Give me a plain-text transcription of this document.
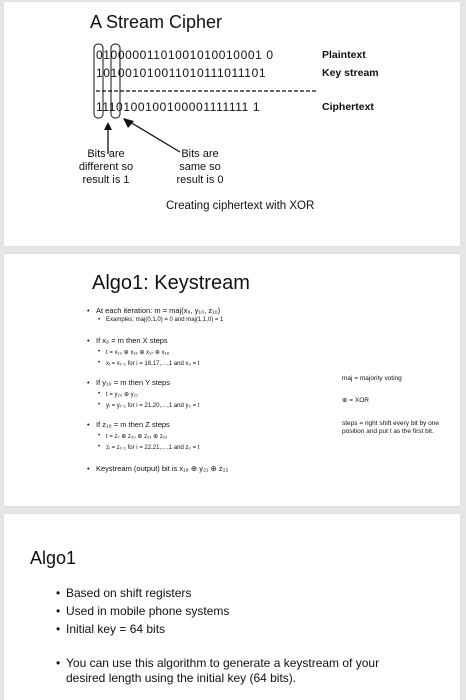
A Stream Cipher
01000001101001010010001 0	Plaintext
101001010011010111011101	Key stream
1110100100100001111111 1	Ciphertext
Bits are
different so
result is 1
Bits are
same so
result is 0
Creating ciphertext with XOR
Algo1: Keystream
• At each iteration: m = maj(x₈, y₁₀, z₁₀)
• Examples: maj(0,1,0) = 0 and maj(1,1,0) = 1
• If x₈ = m then X steps
• t = x₁₃ ⊕ x₁₆ ⊕ x₁₇ ⊕ x₁₈
• xᵢ = xᵢ₋₁ for i = 18,17,…,1 and x₀ = t
• If y₁₀ = m then Y steps
• t = y₂₀ ⊕ y₂₁
• yᵢ = yᵢ₋₁ for i = 21,20,…,1 and y₀ = t
• If z₁₀ = m then Z steps
• t = z₇ ⊕ z₂₀ ⊕ z₂₁ ⊕ z₂₂
• zᵢ = zᵢ₋₁ for i = 22,21,…,1 and z₀ = t
• Keystream (output) bit is x₁₈ ⊕ y₂₁ ⊕ z₂₂
maj = majority voting
⊕ = XOR
steps = right shift every bit by one position and put t as the first bit.
Algo1
• Based on shift registers
• Used in mobile phone systems
• Initial key = 64 bits
• You can use this algorithm to generate a keystream of your desired length using the initial key (64 bits).
